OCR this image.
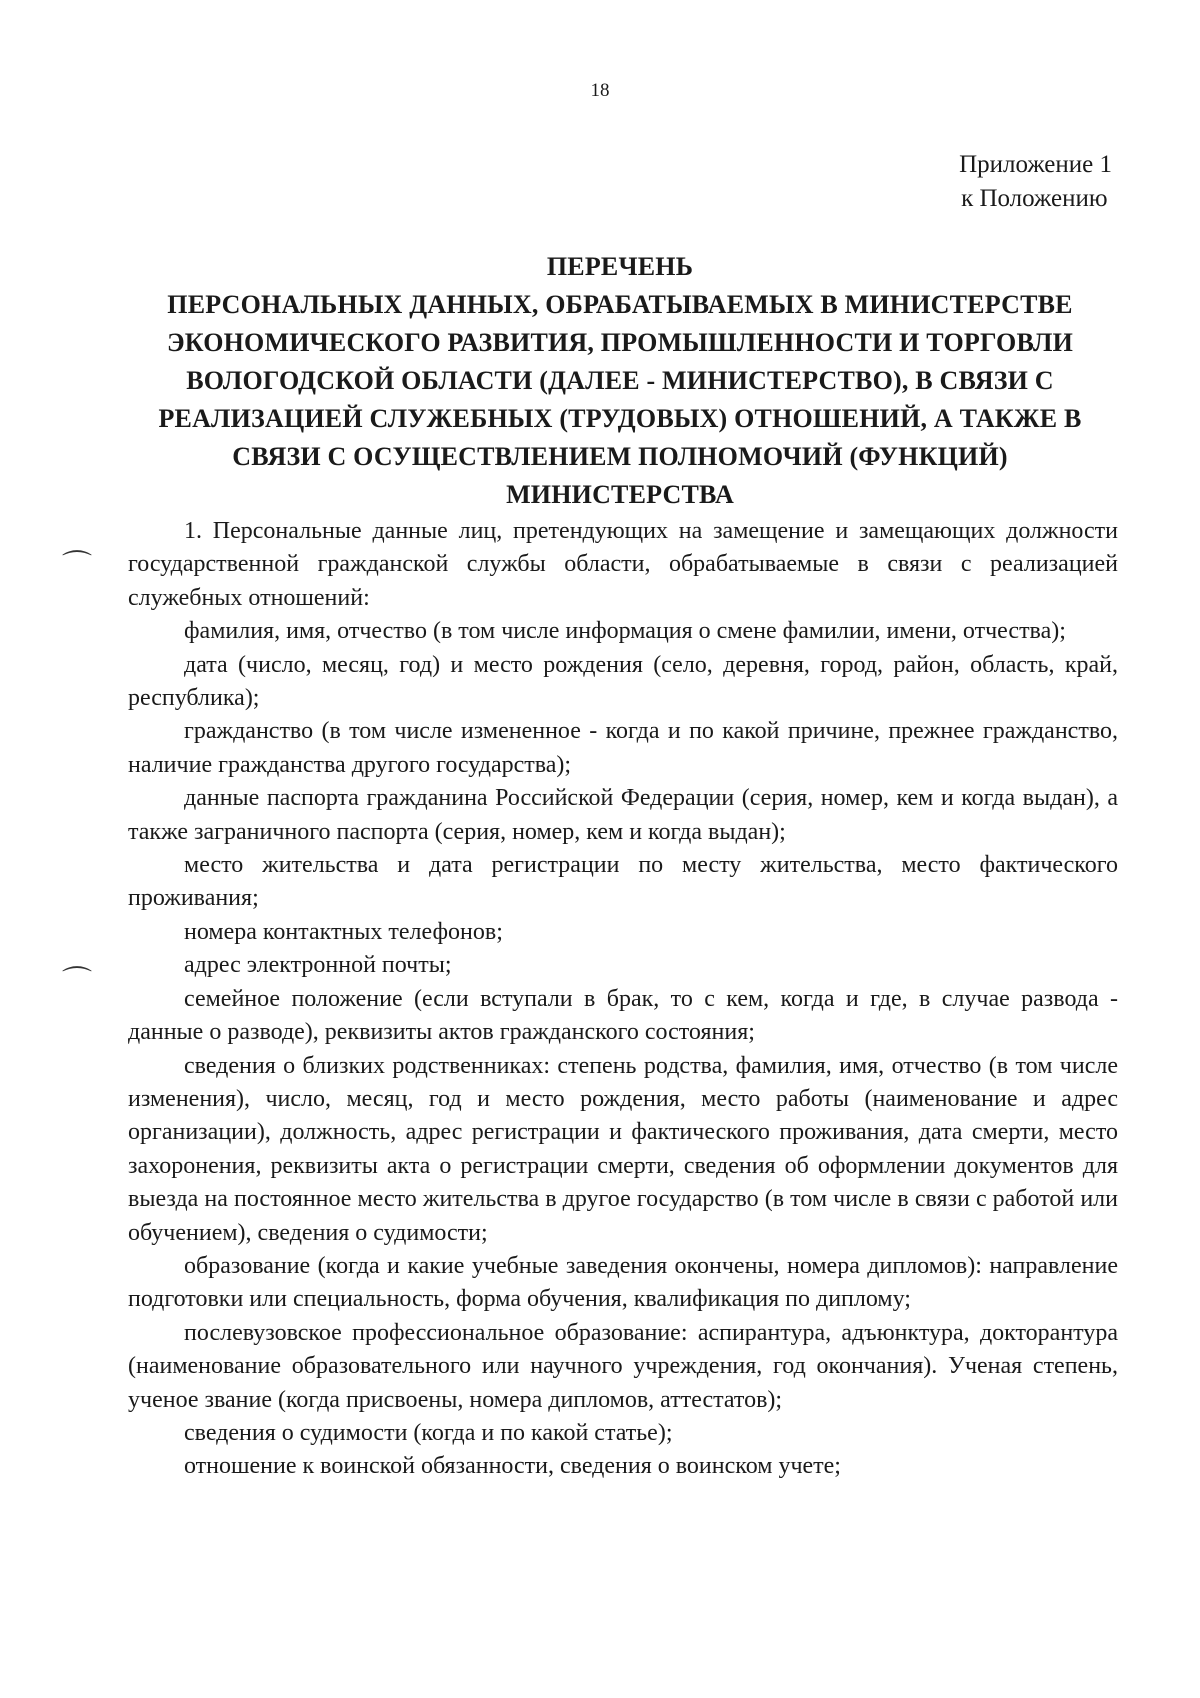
18
Приложение 1
к Положению
ПЕРЕЧЕНЬ
ПЕРСОНАЛЬНЫХ ДАННЫХ, ОБРАБАТЫВАЕМЫХ В МИНИСТЕРСТВЕ
ЭКОНОМИЧЕСКОГО РАЗВИТИЯ, ПРОМЫШЛЕННОСТИ И ТОРГОВЛИ
ВОЛОГОДСКОЙ ОБЛАСТИ (ДАЛЕЕ - МИНИСТЕРСТВО), В СВЯЗИ С
РЕАЛИЗАЦИЕЙ СЛУЖЕБНЫХ (ТРУДОВЫХ) ОТНОШЕНИЙ, А ТАКЖЕ В
СВЯЗИ С ОСУЩЕСТВЛЕНИЕМ ПОЛНОМОЧИЙ (ФУНКЦИЙ)
МИНИСТЕРСТВА
⌒
⌒

1. Персональные данные лиц, претендующих на замещение и замещающих должности государственной гражданской службы области, обрабатываемые в связи с реализацией служебных отношений:

фамилия, имя, отчество (в том числе информация о смене фамилии, имени, отчества);

дата (число, месяц, год) и место рождения (село, деревня, город, район, область, край, республика);

гражданство (в том числе измененное - когда и по какой причине, прежнее гражданство, наличие гражданства другого государства);

данные паспорта гражданина Российской Федерации (серия, номер, кем и когда выдан), а также заграничного паспорта (серия, номер, кем и когда выдан);

место жительства и дата регистрации по месту жительства, место фактического проживания;

номера контактных телефонов;

адрес электронной почты;

семейное положение (если вступали в брак, то с кем, когда и где, в случае развода - данные о разводе), реквизиты актов гражданского состояния;

сведения о близких родственниках: степень родства, фамилия, имя, отчество (в том числе изменения), число, месяц, год и место рождения, место работы (наименование и адрес организации), должность, адрес регистрации и фактического проживания, дата смерти, место захоронения, реквизиты акта о регистрации смерти, сведения об оформлении документов для выезда на постоянное место жительства в другое государство (в том числе в связи с работой или обучением), сведения о судимости;

образование (когда и какие учебные заведения окончены, номера дипломов): направление подготовки или специальность, форма обучения, квалификация по диплому;

послевузовское профессиональное образование: аспирантура, адъюнктура, докторантура (наименование образовательного или научного учреждения, год окончания). Ученая степень, ученое звание (когда присвоены, номера дипломов, аттестатов);

сведения о судимости (когда и по какой статье);

отношение к воинской обязанности, сведения о воинском учете;
